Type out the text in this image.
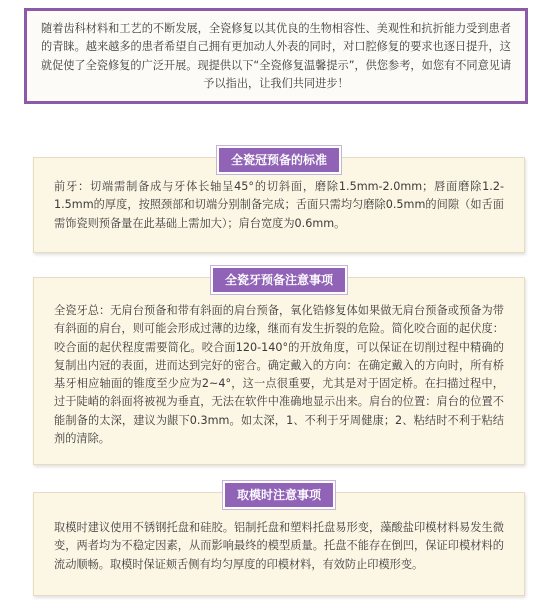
随着齿科材料和工艺的不断发展，全瓷修复以其优良的生物相容性、美观性和抗折能力受到患者的青睐。越来越多的患者希望自己拥有更加动人外表的同时，对口腔修复的要求也逐日提升，这就促使了全瓷修复的广泛开展。现提供以下“全瓷修复温馨提示”，供您参考，如您有不同意见请予以指出，让我们共同进步！
全瓷冠预备的标准
前牙：切端需制备成与牙体长轴呈45°的切斜面，磨除1.5mm-2.0mm；唇面磨除1.2-1.5mm的厚度，按照颈部和切端分别制备完成；舌面只需均匀磨除0.5mm的间隙（如舌面需饰瓷则预备量在此基础上需加大）；肩台宽度为0.6mm。
全瓷牙预备注意事项
全瓷牙总：无肩台预备和带有斜面的肩台预备，氧化锆修复体如果做无肩台预备或预备为带有斜面的肩台，则可能会形成过薄的边缘，继而有发生折裂的危险。简化咬合面的起伏度：咬合面的起伏程度需要简化。咬合面120-140°的开放角度，可以保证在切削过程中精确的复制出内冠的表面，进而达到完好的密合。确定戴入的方向：在确定戴入的方向时，所有桥基牙相应轴面的锥度至少应为2~4°，这一点很重要，尤其是对于固定桥。在扫描过程中，过于陡峭的斜面将被视为垂直，无法在软件中准确地显示出来。肩台的位置：肩台的位置不能制备的太深，建议为龈下0.3mm。如太深，1、不利于牙周健康；2、粘结时不利于粘结剂的清除。
取模时注意事项
取模时建议使用不锈钢托盘和硅胶。铝制托盘和塑料托盘易形变，藻酸盐印模材料易发生微变，两者均为不稳定因素，从而影响最终的模型质量。托盘不能存在倒凹，保证印模材料的流动顺畅。取模时保证颊舌侧有均匀厚度的印模材料，有效防止印模形变。
